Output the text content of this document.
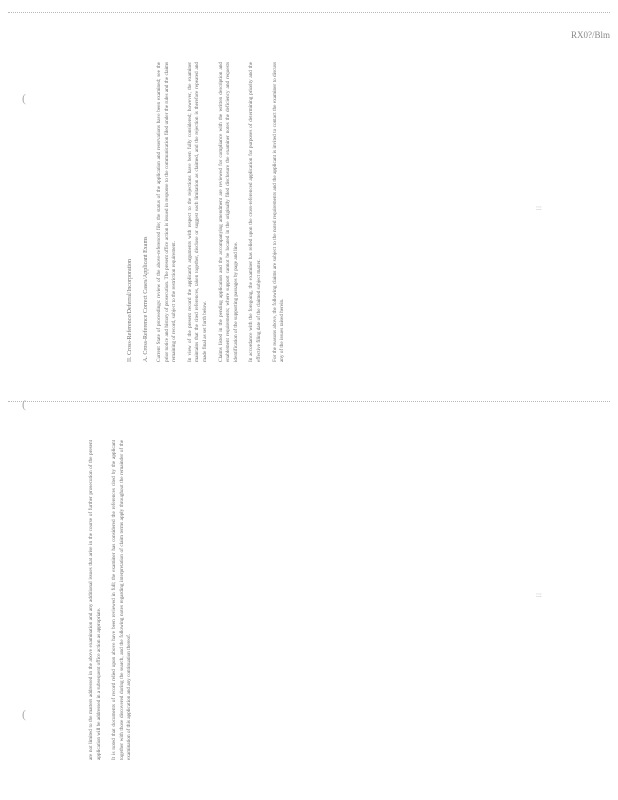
RX0?/Blm
(
(
(
:::
:::

II. Cross-Reference/Deferral/Incorporation A. Cross-Reference Correct Cases/Applicant Exams Current State of proceedings: review of the above-referenced file; the status of the application and reservations have been examined; see the prior notice and history of prosecution. The present office action is issued in response to the communication filed under the rules and the claims remaining of record, subject to the restriction requirement.	In view of the present record the applicant's arguments with respect to the rejections have been fully considered; however, the examiner maintains that the cited references, taken together, disclose or suggest each limitation as claimed, and the rejection is therefore repeated and made final as set forth below.	Claims listed in the pending application and the accompanying amendment are reviewed for compliance with the written description and enablement requirements; where support cannot be located in the originally filed disclosure the examiner notes the deficiency and requests identification of the supporting passages by page and line.	In accordance with the foregoing, the examiner has relied upon the cross-referenced application for purposes of determining priority and the effective filing date of the claimed subject matter.	For the reasons above, the following claims are subject to the noted requirements and the applicant is invited to contact the examiner to discuss any of the issues raised herein.

are not limited to the matters addressed in the above examination and any additional issues that arise in the course of further prosecution of the present application will be addressed in a subsequent office action as appropriate.	It is noted that documents of record relied upon above have been reviewed in full; the examiner has considered the references cited by the applicant together with those discovered during the search, and the following notes regarding interpretation of claim terms apply throughout the remainder of the examination of this application and any continuation thereof.
